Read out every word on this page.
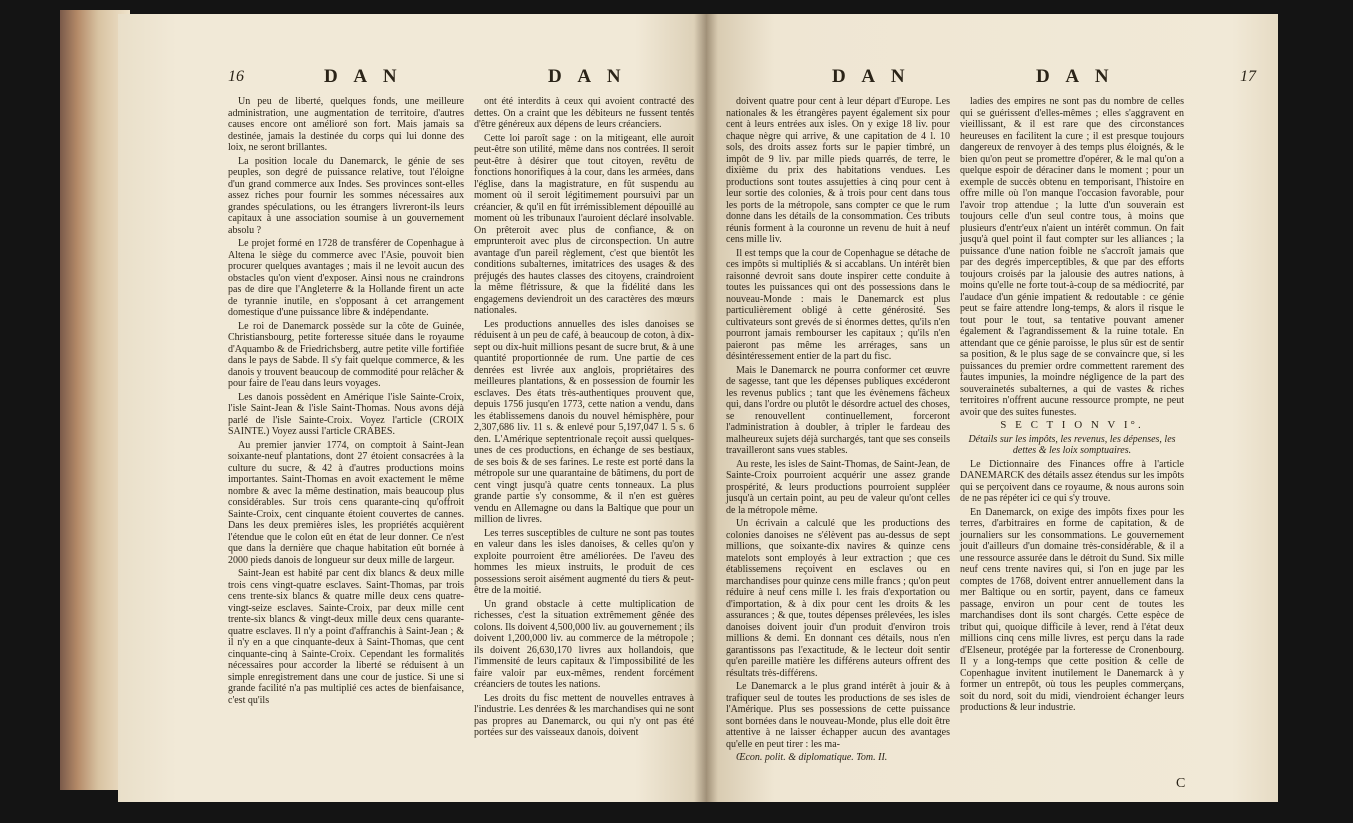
16	D A N	D A N

Un peu de liberté, quelques fonds, une meilleure administration, une augmentation de territoire, d'autres causes encore ont amélioré son fort. Mais jamais sa destinée, jamais la destinée du corps qui lui donne des loix, ne seront brillantes.

La position locale du Danemarck, le génie de ses peuples, son degré de puissance relative, tout l'éloigne d'un grand commerce aux Indes. Ses provinces sont-elles assez riches pour fournir les sommes nécessaires aux grandes spéculations, ou les étrangers livreront-ils leurs capitaux à une association soumise à un gouvernement absolu ?

Le projet formé en 1728 de transférer de Copenhague à Altena le siège du commerce avec l'Asie, pouvoit bien procurer quelques avantages ; mais il ne levoit aucun des obstacles qu'on vient d'exposer. Ainsi nous ne craindrons pas de dire que l'Angleterre & la Hollande firent un acte de tyrannie inutile, en s'opposant à cet arrangement domestique d'une puissance libre & indépendante.

Le roi de Danemarck possède sur la côte de Guinée, Christiansbourg, petite forteresse située dans le royaume d'Aquambo & de Friedrichsberg, autre petite ville fortifiée dans le pays de Sabde. Il s'y fait quelque commerce, & les danois y trouvent beaucoup de commodité pour relâcher & pour faire de l'eau dans leurs voyages.

Les danois possèdent en Amérique l'isle Sainte-Croix, l'isle Saint-Jean & l'isle Saint-Thomas. Nous avons déjà parlé de l'isle Sainte-Croix. Voyez l'article (CROIX SAINTE.) Voyez aussi l'article CRABES.

Au premier janvier 1774, on comptoit à Saint-Jean soixante-neuf plantations, dont 27 étoient consacrées à la culture du sucre, & 42 à d'autres productions moins importantes. Saint-Thomas en avoit exactement le même nombre & avec la même destination, mais beaucoup plus considérables. Sur trois cens quarante-cinq qu'offroit Sainte-Croix, cent cinquante étoient couvertes de cannes. Dans les deux premières isles, les propriétés acquièrent l'étendue que le colon eût en état de leur donner. Ce n'est que dans la dernière que chaque habitation eût bornée à 2000 pieds danois de longueur sur deux mille de largeur.

Saint-Jean est habité par cent dix blancs & deux mille trois cens vingt-quatre esclaves. Saint-Thomas, par trois cens trente-six blancs & quatre mille deux cens quatre-vingt-seize esclaves. Sainte-Croix, par deux mille cent trente-six blancs & vingt-deux mille deux cens quarante-quatre esclaves. Il n'y a point d'affranchis à Saint-Jean ; & il n'y en a que cinquante-deux à Saint-Thomas, que cent cinquante-cinq à Sainte-Croix. Cependant les formalités nécessaires pour accorder la liberté se réduisent à un simple enregistrement dans une cour de justice. Si une si grande facilité n'a pas multiplié ces actes de bienfaisance, c'est qu'ils

ont été interdits à ceux qui avoient contracté des dettes. On a craint que les débiteurs ne fussent tentés d'être généreux aux dépens de leurs créanciers.

Cette loi paroît sage : on la mitigeant, elle auroit peut-être son utilité, même dans nos contrées. Il seroit peut-être à désirer que tout citoyen, revêtu de fonctions honorifiques à la cour, dans les armées, dans l'église, dans la magistrature, en fût suspendu au moment où il seroit légitimement poursuivi par un créancier, & qu'il en fût irrémissiblement dépouillé au moment où les tribunaux l'auroient déclaré insolvable. On prêteroit avec plus de confiance, & on emprunteroit avec plus de circonspection. Un autre avantage d'un pareil règlement, c'est que bientôt les conditions subalternes, imitatrices des usages & des préjugés des hautes classes des citoyens, craindroient la même flétrissure, & que la fidélité dans les engagemens deviendroit un des caractères des mœurs nationales.

Les productions annuelles des isles danoises se réduisent à un peu de café, à beaucoup de coton, à dix-sept ou dix-huit millions pesant de sucre brut, & à une quantité proportionnée de rum. Une partie de ces denrées est livrée aux anglois, propriétaires des meilleures plantations, & en possession de fournir les esclaves. Des états très-authentiques prouvent que, depuis 1756 jusqu'en 1773, cette nation a vendu, dans les établissemens danois du nouvel hémisphère, pour 2,307,686 liv. 11 s. & enlevé pour 5,197,047 l. 5 s. 6 den. L'Amérique septentrionale reçoit aussi quelques-unes de ces productions, en échange de ses bestiaux, de ses bois & de ses farines. Le reste est porté dans la métropole sur une quarantaine de bâtimens, du port de cent vingt jusqu'à quatre cents tonneaux. La plus grande partie s'y consomme, & il n'en est guères vendu en Allemagne ou dans la Baltique que pour un million de livres.

Les terres susceptibles de culture ne sont pas toutes en valeur dans les isles danoises, & celles qu'on y exploite pourroient être améliorées. De l'aveu des hommes les mieux instruits, le produit de ces possessions seroit aisément augmenté du tiers & peut-être de la moitié.

Un grand obstacle à cette multiplication de richesses, c'est la situation extrêmement gênée des colons. Ils doivent 4,500,000 liv. au gouvernement ; ils doivent 1,200,000 liv. au commerce de la métropole ; ils doivent 26,630,170 livres aux hollandois, que l'immensité de leurs capitaux & l'impossibilité de les faire valoir par eux-mêmes, rendent forcément créanciers de toutes les nations.

Les droits du fisc mettent de nouvelles entraves à l'industrie. Les denrées & les marchandises qui ne sont pas propres au Danemarck, ou qui n'y ont pas été portées sur des vaisseaux danois, doivent

D A N	D A N	17

doivent quatre pour cent à leur départ d'Europe. Les nationales & les étrangères payent également six pour cent à leurs entrées aux isles. On y exige 18 liv. pour chaque nègre qui arrive, & une capitation de 4 l. 10 sols, des droits assez forts sur le papier timbré, un impôt de 9 liv. par mille pieds quarrés, de terre, le dixième du prix des habitations vendues. Les productions sont toutes assujetties à cinq pour cent à leur sortie des colonies, & à trois pour cent dans tous les ports de la métropole, sans compter ce que le rum donne dans les détails de la consommation. Ces tributs réunis forment à la couronne un revenu de huit à neuf cens mille liv.

Il est temps que la cour de Copenhague se détache de ces impôts si multipliés & si accablans. Un intérêt bien raisonné devroit sans doute inspirer cette conduite à toutes les puissances qui ont des possessions dans le nouveau-Monde : mais le Danemarck est plus particulièrement obligé à cette générosité. Ses cultivateurs sont grevés de si énormes dettes, qu'ils n'en pourront jamais rembourser les capitaux ; qu'ils n'en paieront pas même les arrérages, sans un désintéressement entier de la part du fisc.

Mais le Danemarck ne pourra conformer cet œuvre de sagesse, tant que les dépenses publiques excéderont les revenus publics ; tant que les évènemens fâcheux qui, dans l'ordre ou plutôt le désordre actuel des choses, se renouvellent continuellement, forceront l'administration à doubler, à tripler le fardeau des malheureux sujets déjà surchargés, tant que ses conseils travailleront sans vues stables.

Au reste, les isles de Saint-Thomas, de Saint-Jean, de Sainte-Croix pourroient acquérir une assez grande prospérité, & leurs productions pourroient suppléer jusqu'à un certain point, au peu de valeur qu'ont celles de la métropole même.

Un écrivain a calculé que les productions des colonies danoises ne s'élèvent pas au-dessus de sept millions, que soixante-dix navires & quinze cens matelots sont employés à leur extraction ; que ces établissemens reçoivent en esclaves ou en marchandises pour quinze cens mille francs ; qu'on peut réduire à neuf cens mille l. les frais d'exportation ou d'importation, & à dix pour cent les droits & les assurances ; & que, toutes dépenses prélevées, les isles danoises doivent jouir d'un produit d'environ trois millions & demi. En donnant ces détails, nous n'en garantissons pas l'exactitude, & le lecteur doit sentir qu'en pareille matière les différens auteurs offrent des résultats très-différens.

Le Danemarck a le plus grand intérêt à jouir & à trafiquer seul de toutes les productions de ses isles de l'Amérique. Plus ses possessions de cette puissance sont bornées dans le nouveau-Monde, plus elle doit être attentive à ne laisser échapper aucun des avantages qu'elle en peut tirer : les ma-

Œcon. polit. & diplomatique. Tom. II.

ladies des empires ne sont pas du nombre de celles qui se guérissent d'elles-mêmes ; elles s'aggravent en vieillissant, & il est rare que des circonstances heureuses en facilitent la cure ; il est presque toujours dangereux de renvoyer à des temps plus éloignés, & le bien qu'on peut se promettre d'opérer, & le mal qu'on a quelque espoir de déraciner dans le moment ; pour un exemple de succès obtenu en temporisant, l'histoire en offre mille où l'on manque l'occasion favorable, pour l'avoir trop attendue ; la lutte d'un souverain est toujours celle d'un seul contre tous, à moins que plusieurs d'entr'eux n'aient un intérêt commun. On fait jusqu'à quel point il faut compter sur les alliances ; la puissance d'une nation foible ne s'accroît jamais que par des degrés imperceptibles, & que par des efforts toujours croisés par la jalousie des autres nations, à moins qu'elle ne forte tout-à-coup de sa médiocrité, par l'audace d'un génie impatient & redoutable : ce génie peut se faire attendre long-temps, & alors il risque le tout pour le tout, sa tentative pouvant amener également & l'agrandissement & la ruine totale. En attendant que ce génie paroisse, le plus sûr est de sentir sa position, & le plus sage de se convaincre que, si les puissances du premier ordre commettent rarement des fautes impunies, la moindre négligence de la part des souverainetés subalternes, a qui de vastes & riches territoires n'offrent aucune ressource prompte, ne peut avoir que des suites funestes.

S E C T I O N V I°.

Détails sur les impôts, les revenus, les dépenses, les dettes & les loix somptuaires.

Le Dictionnaire des Finances offre à l'article DANEMARCK des détails assez étendus sur les impôts qui se perçoivent dans ce royaume, & nous aurons soin de ne pas répéter ici ce qui s'y trouve.

En Danemarck, on exige des impôts fixes pour les terres, d'arbitraires en forme de capitation, & de journaliers sur les consommations. Le gouvernement jouit d'ailleurs d'un domaine très-considérable, & il a une ressource assurée dans le détroit du Sund. Six mille neuf cens trente navires qui, si l'on en juge par les comptes de 1768, doivent entrer annuellement dans la mer Baltique ou en sortir, payent, dans ce fameux passage, environ un pour cent de toutes les marchandises dont ils sont chargés. Cette espèce de tribut qui, quoique difficile à lever, rend à l'état deux millions cinq cens mille livres, est perçu dans la rade d'Elseneur, protégée par la forteresse de Cronenbourg. Il y a long-temps que cette position & celle de Copenhague invitent inutilement le Danemarck à y former un entrepôt, où tous les peuples commerçans, soit du nord, soit du midi, viendroient échanger leurs productions & leur industrie.

C
